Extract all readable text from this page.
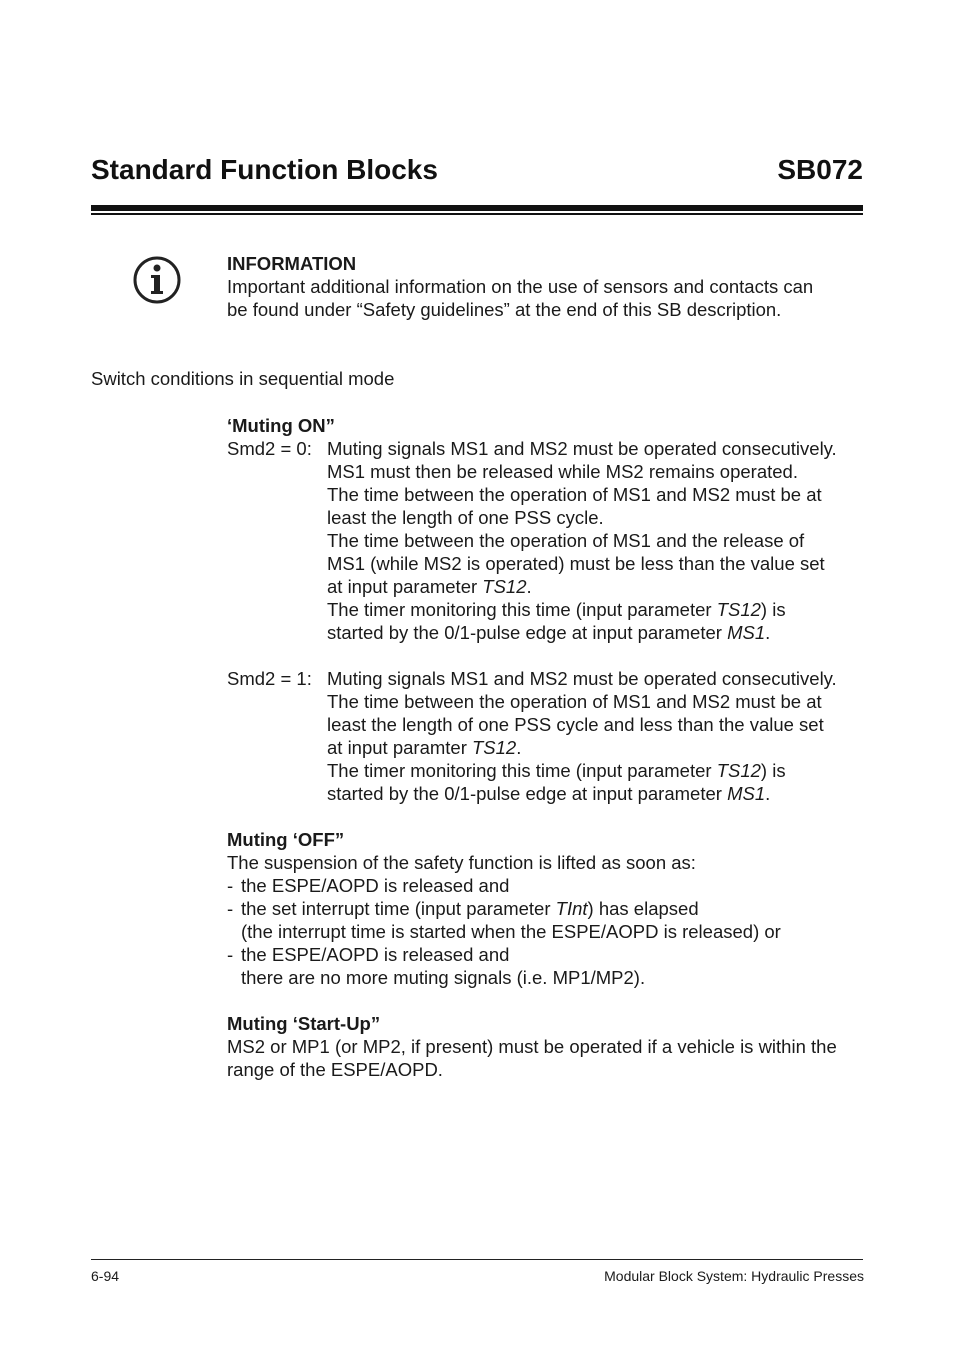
Standard Function Blocks	SB072
INFORMATION
Important additional information on the use of sensors and contacts can
be found under “Safety guidelines” at the end of this SB description.
Switch conditions in sequential mode
‘Muting ON”
Smd2 = 0: Muting signals MS1 and MS2 must be operated consecutively.
MS1 must then be released while MS2 remains operated.
The time between the operation of MS1 and MS2 must be at
least the length of one PSS cycle.
The time between the operation of MS1 and the release of
MS1 (while MS2 is operated) must be less than the value set
at input parameter TS12.
The timer monitoring this time (input parameter TS12) is
started by the 0/1-pulse edge at input parameter MS1.
Smd2 = 1: Muting signals MS1 and MS2 must be operated consecutively.
The time between the operation of MS1 and MS2 must be at
least the length of one PSS cycle and less than the value set
at input paramter TS12.
The timer monitoring this time (input parameter TS12) is
started by the 0/1-pulse edge at input parameter MS1.
Muting ‘OFF”
The suspension of the safety function is lifted as soon as:
- the ESPE/AOPD is released and
- the set interrupt time (input parameter TInt) has elapsed
(the interrupt time is started when the ESPE/AOPD is released) or
- the ESPE/AOPD is released and
there are no more muting signals (i.e. MP1/MP2).
Muting ‘Start-Up”
MS2 or MP1 (or MP2, if present) must be operated if a vehicle is within the
range of the ESPE/AOPD.
6-94	Modular Block System: Hydraulic Presses
